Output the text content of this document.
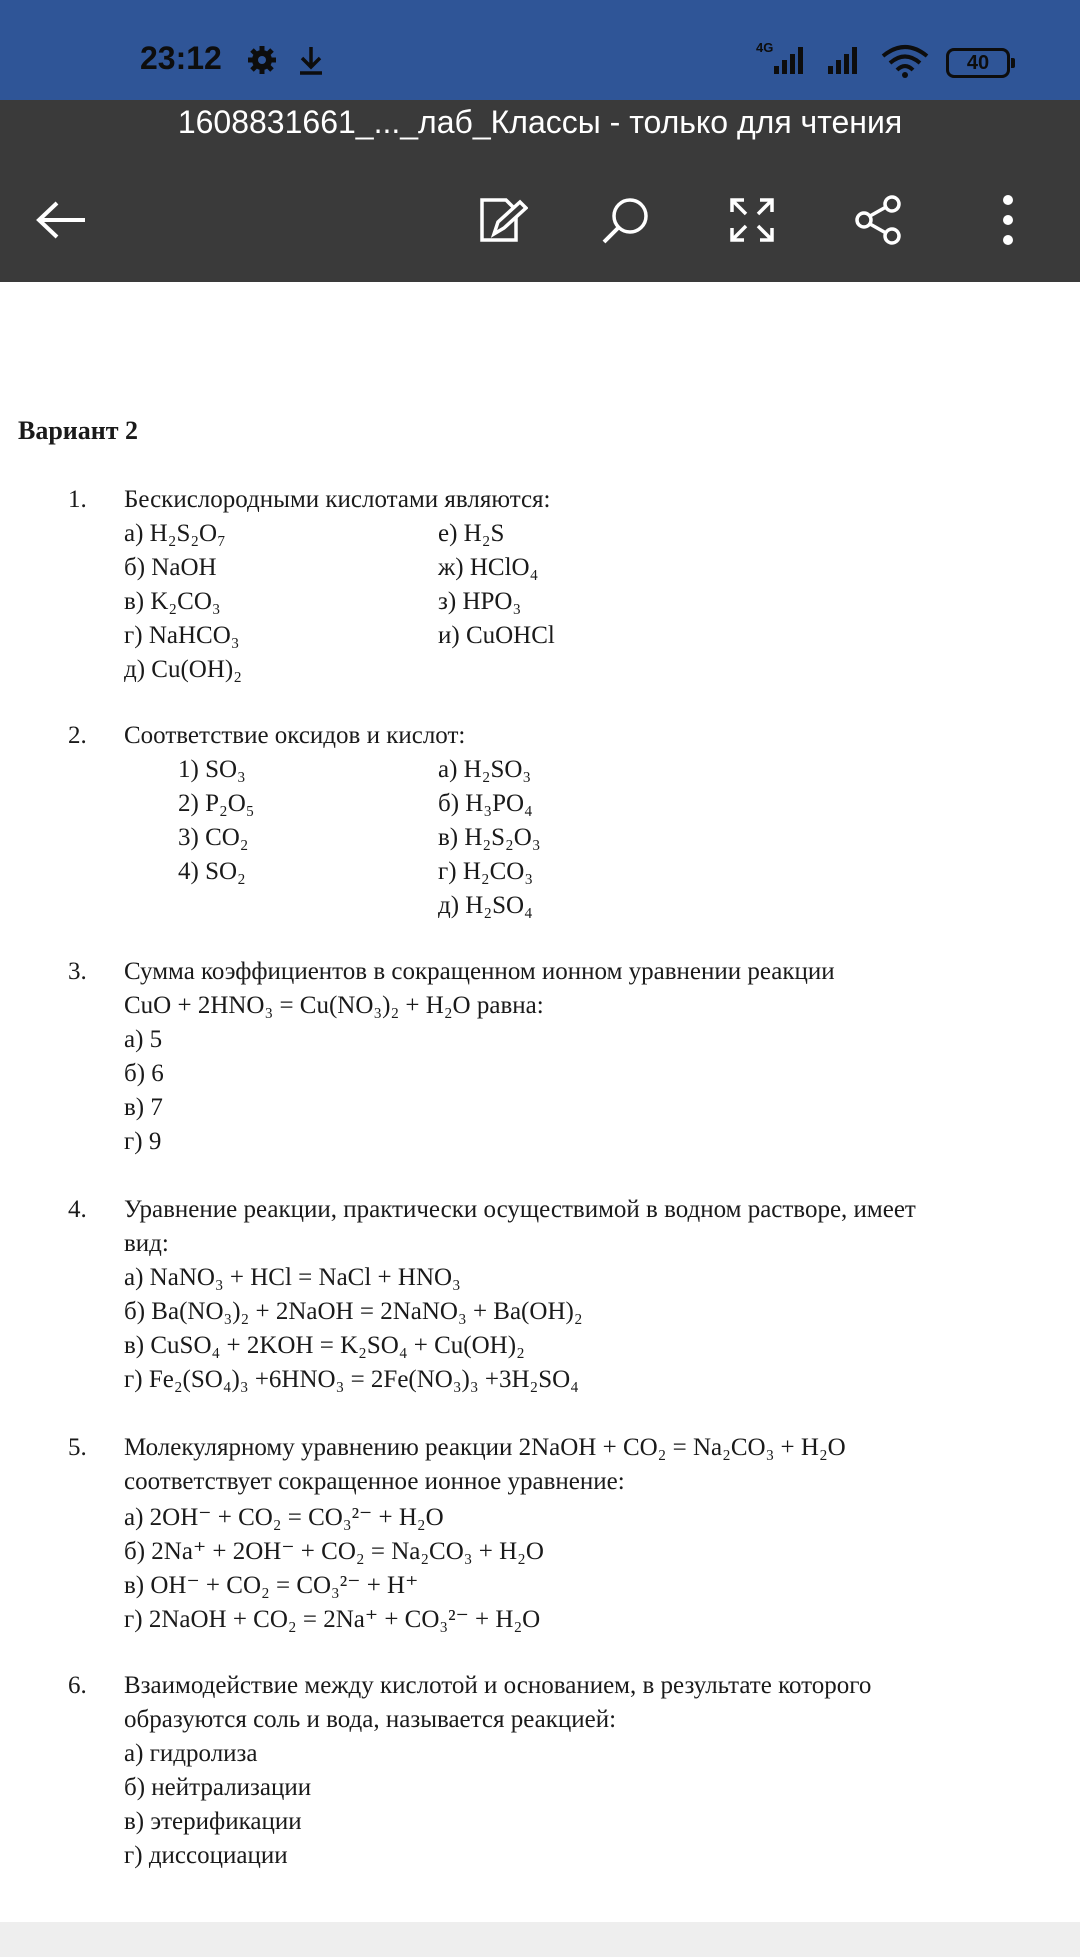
23:12	4G
40
1608831661_..._лаб_Классы - только для чтения
Вариант 2
1. Бескислородными кислотами являются:
а) H₂S₂O₇
б) NaOH
в) K₂CO₃
г) NaHCO₃
д) Cu(OH)₂
е) H₂S
ж) HClO₄
з) HPO₃
и) CuOHCl
2. Соответствие оксидов и кислот:
1) SO₃
2) P₂O₅
3) CO₂
4) SO₂
а) H₂SO₃
б) H₃PO₄
в) H₂S₂O₃
г) H₂CO₃
д) H₂SO₄
3. Сумма коэффициентов в сокращенном ионном уравнении реакции
CuO + 2HNO₃ = Cu(NO₃)₂ + H₂O равна:
а) 5
б) 6
в) 7
г) 9
4. Уравнение реакции, практически осуществимой в водном растворе, имеет
вид:
а) NaNO₃ + HCl = NaCl + HNO₃
б) Ba(NO₃)₂ + 2NaOH = 2NaNO₃ + Ba(OH)₂
в) CuSO₄ + 2KOH = K₂SO₄ + Cu(OH)₂
г) Fe₂(SO₄)₃ +6HNO₃ = 2Fe(NO₃)₃ +3H₂SO₄
5. Молекулярному уравнению реакции 2NaOH + CO₂ = Na₂CO₃ + H₂O
соответствует сокращенное ионное уравнение:
а) 2OH⁻ + CO₂ = CO₃²⁻ + H₂O
б) 2Na⁺ + 2OH⁻ + CO₂ = Na₂CO₃ + H₂O
в) OH⁻ + CO₂ = CO₃²⁻ + H⁺
г) 2NaOH + CO₂ = 2Na⁺ + CO₃²⁻ + H₂O
6. Взаимодействие между кислотой и основанием, в результате которого
образуются соль и вода, называется реакцией:
а) гидролиза
б) нейтрализации
в) этерификации
г) диссоциации
